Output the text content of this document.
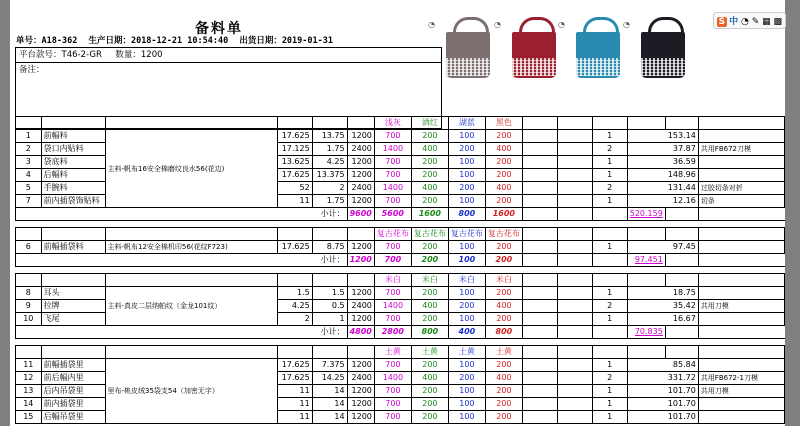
备料单
单号：A18-362 生产日期：2018-12-21 10:54:40 出货日期：2019-01-31
◔	◔	◔	◔
平台款号：T46-2-GR 数量：1200
备注：
						浅灰	酒红	湖蓝	黑色						
1	前幅料	主料-帆布16安全棉磨纹良水56(花边)	17.625	13.75	1200	700	200	100	200			1	153.14		
2	袋口内贴料		17.125	1.75	2400	1400	400	200	400			2	37.87		共用FB672刀模
3	袋底料		13.625	4.25	1200	700	200	100	200			1	36.59		
4	后幅料		17.625	13.375	1200	700	200	100	200			1	148.96		
5	手腕料		52	2	2400	1400	400	200	400			2	131.44		过胶切条对折
7	前内插袋饰贴料		11	1.75	1200	700	200	100	200			1	12.16		切条
小计：					9600	5600	1600	800	1600				520.159		

						复古花布	复古花布	复古花布	复古花布						
6	前幅插袋料	主料-帆布12安全棉机印56(花纹F723)	17.625	8.75	1200	700	200	100	200			1	97.45		
小计：					1200	700	200	100	200				97.451		

						米白	米白	米白	米白						
8	耳头	主料-真皮二层纳帕纹（金龙101纹）	1.5	1.5	1200	700	200	100	200			1	18.75		
9	拉牌		4.25	0.5	2400	1400	400	200	400			2	35.42		共用刀模
10	飞尾		2	1	1200	700	200	100	200			1	16.67		
小计：					4800	2800	800	400	800				70.835		

						土黄	土黄	土黄	土黄						
11	前幅插袋里	里布-桃皮绒35袋支54（加密无字）	17.625	7.375	1200	700	200	100	200			1	85.84		
12	前后幅内里		17.625	14.25	2400	1400	400	200	400			2	331.72		共用FB672-1刀模
13	后内吊袋里		11	14	1200	700	200	100	200			1	101.70		共用刀模
14	前内插袋里		11	14	1200	700	200	100	200			1	101.70		
15	后幅吊袋里		11	14	1200	700	200	100	200			1	101.70		
S 中 ◔ ✎ ▦ ▩
